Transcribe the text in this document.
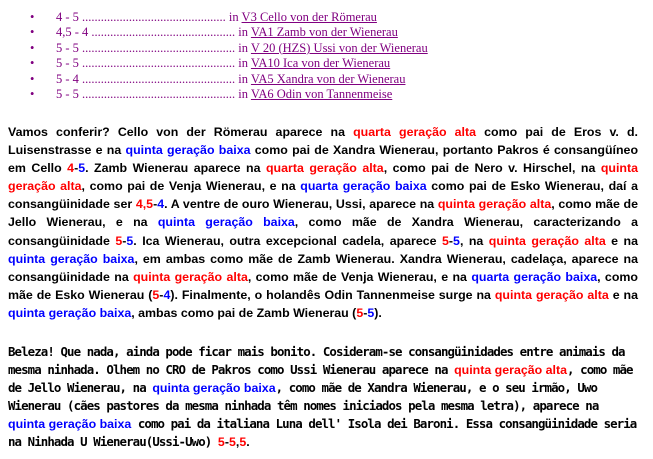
• 4 - 5 .............................................. in V3 Cello von der Römerau
• 4,5 - 4 .............................................. in VA1 Zamb von der Wienerau
• 5 - 5 ................................................. in V 20 (HZS) Ussi von der Wienerau
• 5 - 5 ................................................. in VA10 Ica von der Wienerau
• 5 - 4 ................................................. in VA5 Xandra von der Wienerau
• 5 - 5 ................................................. in VA6 Odin von Tannenmeise

Vamos conferir? Cello von der Römerau aparece na quarta geração alta como pai de Eros v. d. Luisenstrasse e na quinta geração baixa como pai de Xandra Wienerau, portanto Pakros é consangüíneo em Cello 4-5. Zamb Wienerau aparece na quarta geração alta, como pai de Nero v. Hirschel, na quinta geração alta, como pai de Venja Wienerau, e na quarta geração baixa como pai de Esko Wienerau, daí a consangüinidade ser 4,5-4. A ventre de ouro Wienerau, Ussi, aparece na quinta geração alta, como mãe de Jello Wienerau, e na quinta geração baixa, como mãe de Xandra Wienerau, caracterizando a consangüinidade 5-5. Ica Wienerau, outra excepcional cadela, aparece 5-5, na quinta geração alta e na quinta geração baixa, em ambas como mãe de Zamb Wienerau. Xandra Wienerau, cadelaça, aparece na consangüinidade na quinta geração alta, como mãe de Venja Wienerau, e na quarta geração baixa, como mãe de Esko Wienerau (5-4). Finalmente, o holandês Odin Tannenmeise surge na quinta geração alta e na quinta geração baixa, ambas como pai de Zamb Wienerau (5-5).

Beleza! Que nada, ainda pode ficar mais bonito. Cosideram-se consangüinidades entre animais da mesma ninhada. Olhem no CRO de Pakros como Ussi Wienerau aparece na quinta geração alta, como mãe de Jello Wienerau, na quinta geração baixa, como mãe de Xandra Wienerau, e o seu irmão, Uwo Wienerau (cães pastores da mesma ninhada têm nomes iniciados pela mesma letra), aparece na quinta geração baixa como pai da italiana Luna dell' Isola dei Baroni. Essa consangüinidade seria na Ninhada U Wienerau(Ussi-Uwo) 5-5,5.
